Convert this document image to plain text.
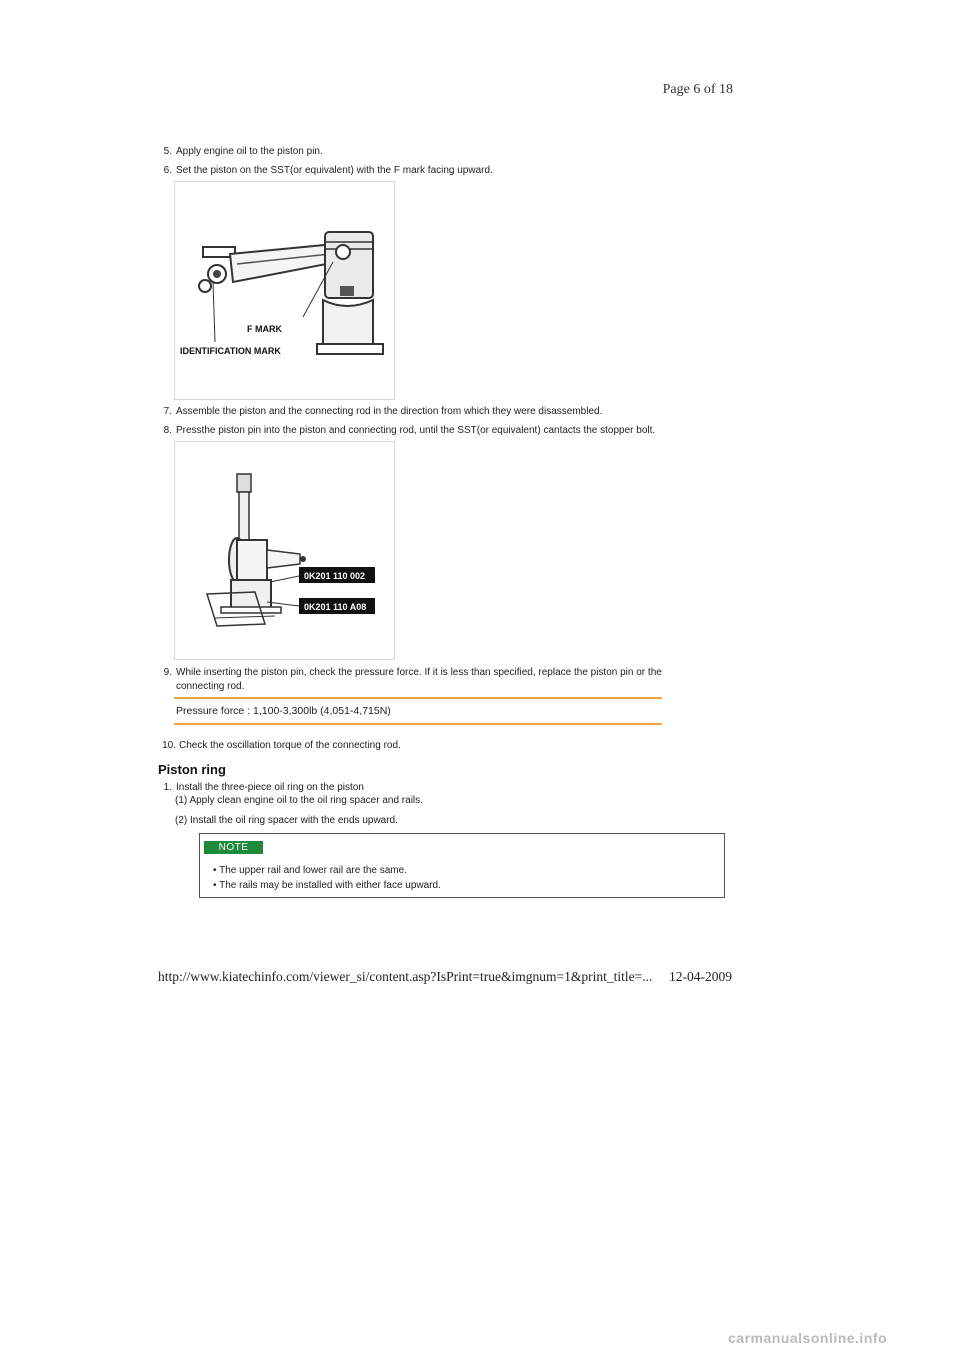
Page 6 of 18
5. Apply engine oil to the piston pin.
6. Set the piston on the SST(or equivalent) with the F mark facing upward.
F MARK
IDENTIFICATION MARK
7. Assemble the piston and the connecting rod in the direction from which they were disassembled.
8. Pressthe piston pin into the piston and connecting rod, until the SST(or equivalent) cantacts the stopper bolt.
0K201 110 002
0K201 110 A08
9. While inserting the piston pin, check the pressure force. If it is less than specified, replace the piston pin or the
connecting rod.
Pressure force : 1,100-3,300lb (4,051-4,715N)
10. Check the oscillation torque of the connecting rod.
Piston ring
1. Install the three-piece oil ring on the piston
(1) Apply clean engine oil to the oil ring spacer and rails.
(2) Install the oil ring spacer with the ends upward.
NOTE
• The upper rail and lower rail are the same.
• The rails may be installed with either face upward.
http://www.kiatechinfo.com/viewer_si/content.asp?IsPrint=true&imgnum=1&print_title=... 12-04-2009
carmanualsonline.info
